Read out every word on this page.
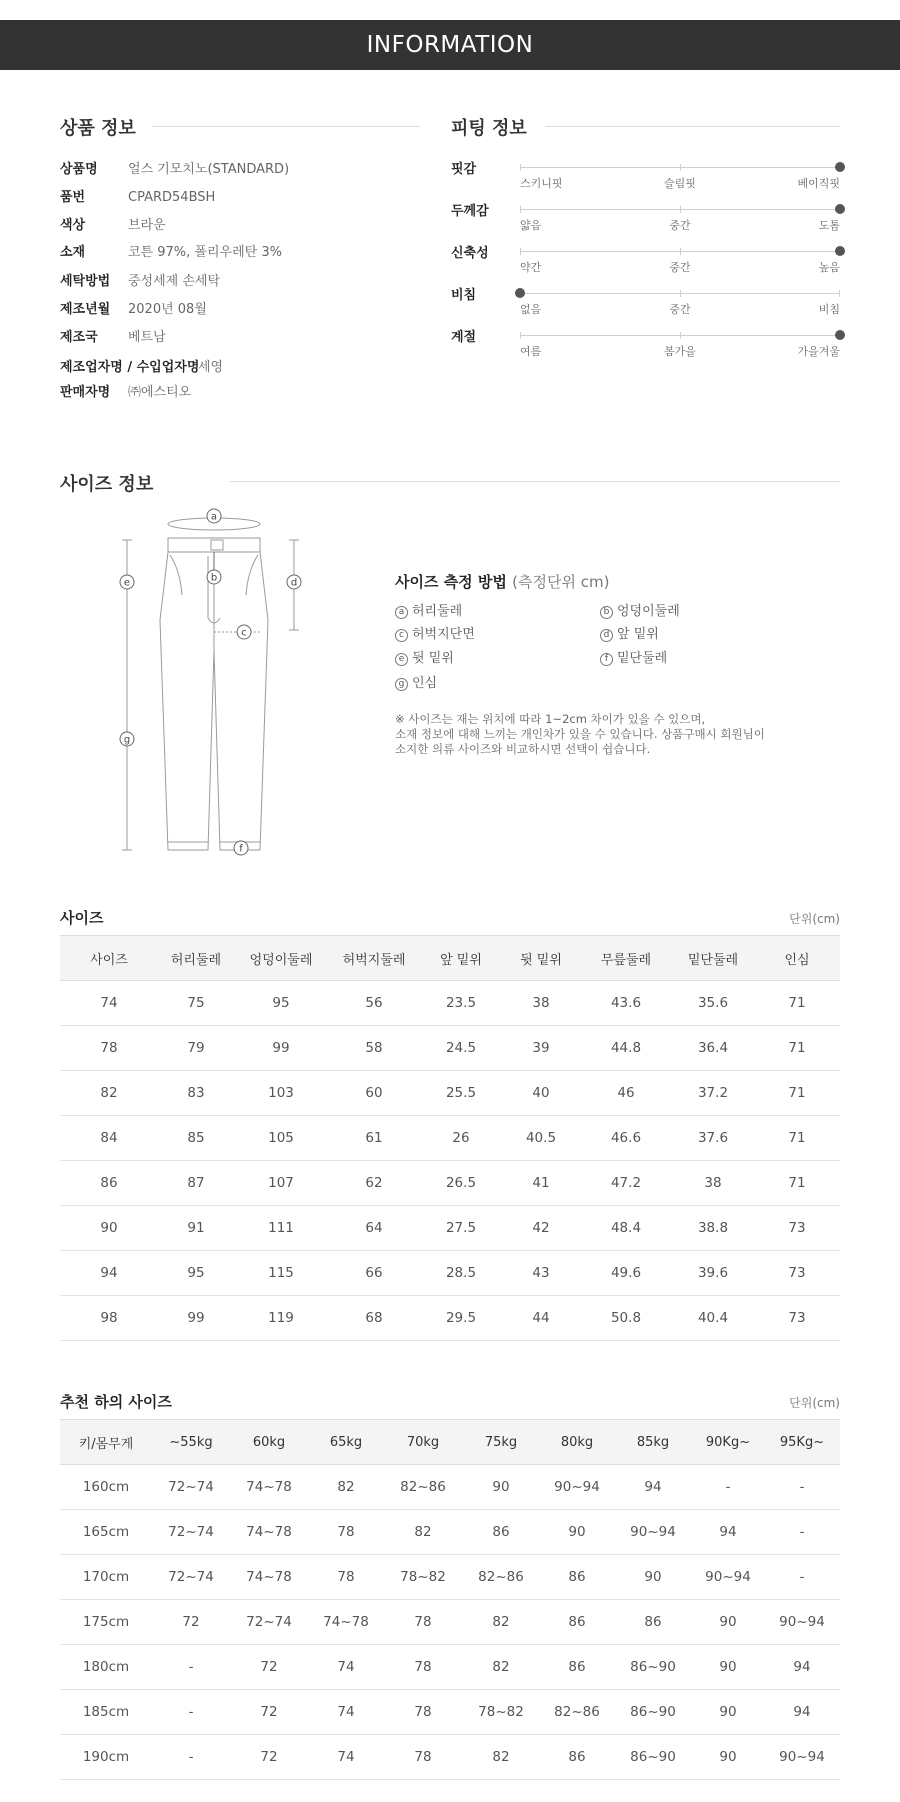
INFORMATION
상품 정보
상품명 얼스 기모치노(STANDARD)
품번	CPARD54BSH
색상	브라운
소재	코튼 97%, 폴리우레탄 3%
세탁방법 중성세제 손세탁
제조년월 2020년 08월
제조국 베트남
제조업자명 / 수입업자명세영
판매자명 ㈜에스티오
피팅 정보
핏감
스키니핏	슬림핏	베이직핏
두께감
얇음	중간	도톰
신축성
약간	중간	높음
비침
없음	중간	비침
계절
여름	봄가을	가을겨울
사이즈 정보
a
b
c
d
e
f
g
사이즈 측정 방법 (측정단위 cm)
a 허리둘레	b 엉덩이둘레
c 허벅지단면	d 앞 밑위
e 뒷 밑위	f 밑단둘레
g 인심
※ 사이즈는 재는 위치에 따라 1~2cm 차이가 있을 수 있으며,
소재 정보에 대해 느끼는 개인차가 있을 수 있습니다. 상품구매시 회원님이
소지한 의류 사이즈와 비교하시면 선택이 쉽습니다.
사이즈	단위(cm)
사이즈	허리둘레	엉덩이둘레	허벅지둘레	앞 밑위	뒷 밑위	무릎둘레	밑단둘레	인심
74	75	95	56	23.5	38	43.6	35.6	71
78	79	99	58	24.5	39	44.8	36.4	71
82	83	103	60	25.5	40	46	37.2	71
84	85	105	61	26	40.5	46.6	37.6	71
86	87	107	62	26.5	41	47.2	38	71
90	91	111	64	27.5	42	48.4	38.8	73
94	95	115	66	28.5	43	49.6	39.6	73
98	99	119	68	29.5	44	50.8	40.4	73
추천 하의 사이즈	단위(cm)
키/몸무게	~55kg	60kg	65kg	70kg	75kg	80kg	85kg	90Kg~	95Kg~
160cm	72~74	74~78	82	82~86	90	90~94	94	-	-
165cm	72~74	74~78	78	82	86	90	90~94	94	-
170cm	72~74	74~78	78	78~82	82~86	86	90	90~94	-
175cm	72	72~74	74~78	78	82	86	86	90	90~94
180cm	-	72	74	78	82	86	86~90	90	94
185cm	-	72	74	78	78~82	82~86	86~90	90	94
190cm	-	72	74	78	82	86	86~90	90	90~94
